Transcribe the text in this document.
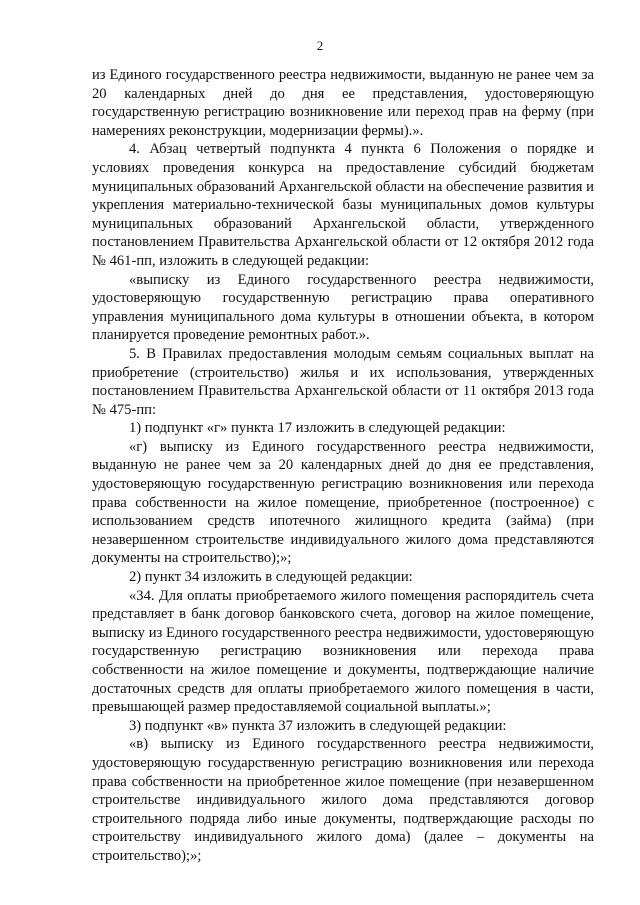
2

из Единого государственного реестра недвижимости, выданную не ранее чем за 20 календарных дней до дня ее представления, удостоверяющую государственную регистрацию возникновение или переход прав на ферму (при намерениях реконструкции, модернизации фермы).».

4. Абзац четвертый подпункта 4 пункта 6 Положения о порядке и условиях проведения конкурса на предоставление субсидий бюджетам муниципальных образований Архангельской области на обеспечение развития и укрепления материально-технической базы муниципальных домов культуры муниципальных образований Архангельской области, утвержденного постановлением Правительства Архангельской области от 12 октября 2012 года № 461-пп, изложить в следующей редакции:

«выписку из Единого государственного реестра недвижимости, удостоверяющую государственную регистрацию права оперативного управления муниципального дома культуры в отношении объекта, в котором планируется проведение ремонтных работ.».

5. В Правилах предоставления молодым семьям социальных выплат на приобретение (строительство) жилья и их использования, утвержденных постановлением Правительства Архангельской области от 11 октября 2013 года № 475-пп:

1) подпункт «г» пункта 17 изложить в следующей редакции:

«г) выписку из Единого государственного реестра недвижимости, выданную не ранее чем за 20 календарных дней до дня ее представления, удостоверяющую государственную регистрацию возникновения или перехода права собственности на жилое помещение, приобретенное (построенное) с использованием средств ипотечного жилищного кредита (займа) (при незавершенном строительстве индивидуального жилого дома представляются документы на строительство);»;

2) пункт 34 изложить в следующей редакции:

«34. Для оплаты приобретаемого жилого помещения распорядитель счета представляет в банк договор банковского счета, договор на жилое помещение, выписку из Единого государственного реестра недвижимости, удостоверяющую государственную регистрацию возникновения или перехода права собственности на жилое помещение и документы, подтверждающие наличие достаточных средств для оплаты приобретаемого жилого помещения в части, превышающей размер предоставляемой социальной выплаты.»;

3) подпункт «в» пункта 37 изложить в следующей редакции:

«в) выписку из Единого государственного реестра недвижимости, удостоверяющую государственную регистрацию возникновения или перехода права собственности на приобретенное жилое помещение (при незавершенном строительстве индивидуального жилого дома представляются договор строительного подряда либо иные документы, подтверждающие расходы по строительству индивидуального жилого дома) (далее – документы на строительство);»;
